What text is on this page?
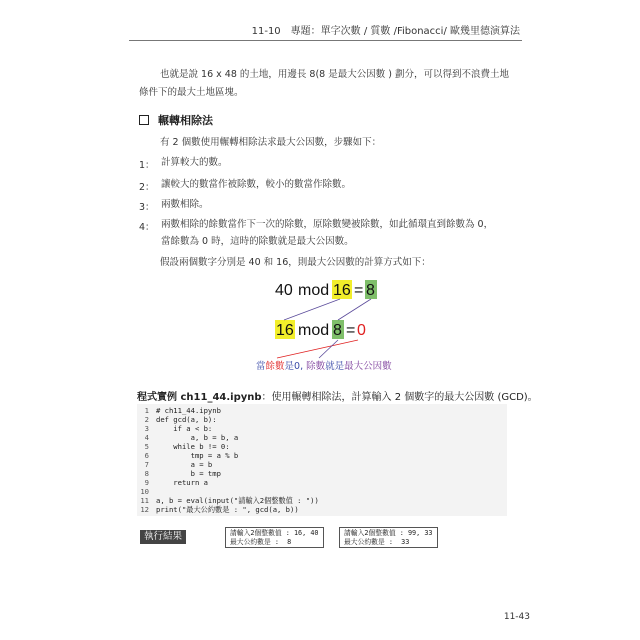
11-10　專題：單字次數 / 質數 /Fibonacci/ 歐幾里德演算法
也就是說 16 x 48 的土地，用邊長 8(8 是最大公因數 ) 劃分，可以得到不浪費土地
條件下的最大土地區塊。
輾轉相除法
有 2 個數使用輾轉相除法求最大公因數，步驟如下：
1： 計算較大的數。
2： 讓較大的數當作被除數，較小的數當作除數。
3： 兩數相除。
4： 兩數相除的餘數當作下一次的除數，原除數變被除數，如此循環直到餘數為 0，
當餘數為 0 時，這時的除數就是最大公因數。
假設兩個數字分別是 40 和 16，則最大公因數的計算方式如下：
40 mod 16 = 8
16 mod 8 = 0
當餘數是0, 除數就是最大公因數
程式實例 ch11_44.ipynb：使用輾轉相除法，計算輸入 2 個數字的最大公因數 (GCD)。
1 # ch11_44.ipynb
2 def gcd(a, b):
3    if a < b:
4        a, b = b, a
5    while b != 0:
6        tmp = a % b
7        a = b
8        b = tmp
9    return a
10
11 a, b = eval(input("請輸入2個整數值 : "))
12 print("最大公約數是 : ", gcd(a, b))
執行結果	請輸入2個整數值 : 16, 40
最大公約數是 :  8
請輸入2個整數值 : 99, 33
最大公約數是 :  33
11-43
